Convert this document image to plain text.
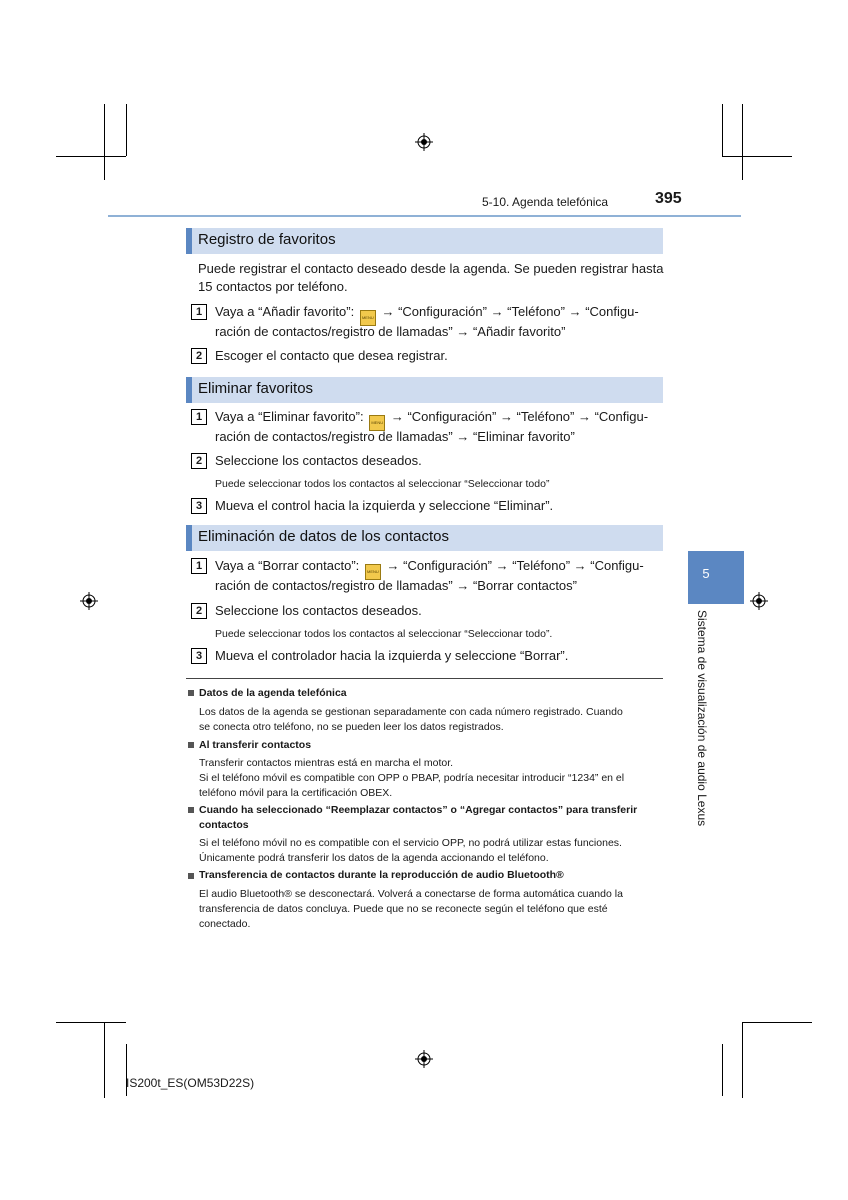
5-10. Agenda telefónica	395
Registro de favoritos
Puede registrar el contacto deseado desde la agenda. Se pueden registrar hasta
15 contactos por teléfono.
1 Vaya a “Añadir favorito”: MENU → “Configuración” → “Teléfono” → “Configu-
ración de contactos/registro de llamadas” → “Añadir favorito”
2 Escoger el contacto que desea registrar.
Eliminar favoritos
1 Vaya a “Eliminar favorito”: MENU → “Configuración” → “Teléfono” → “Configu-
ración de contactos/registro de llamadas” → “Eliminar favorito”
2 Seleccione los contactos deseados.
Puede seleccionar todos los contactos al seleccionar “Seleccionar todo”
3 Mueva el control hacia la izquierda y seleccione “Eliminar”.
Eliminación de datos de los contactos
1 Vaya a “Borrar contacto”: MENU → “Configuración” → “Teléfono” → “Configu-
ración de contactos/registro de llamadas” → “Borrar contactos”
2 Seleccione los contactos deseados.
Puede seleccionar todos los contactos al seleccionar “Seleccionar todo”.
3 Mueva el controlador hacia la izquierda y seleccione “Borrar”.
Datos de la agenda telefónica
Los datos de la agenda se gestionan separadamente con cada número registrado. Cuando
se conecta otro teléfono, no se pueden leer los datos registrados.
Al transferir contactos
Transferir contactos mientras está en marcha el motor.
Si el teléfono móvil es compatible con OPP o PBAP, podría necesitar introducir “1234” en el
teléfono móvil para la certificación OBEX.
Cuando ha seleccionado “Reemplazar contactos” o “Agregar contactos” para transferir
contactos
Si el teléfono móvil no es compatible con el servicio OPP, no podrá utilizar estas funciones.
Únicamente podrá transferir los datos de la agenda accionando el teléfono.
Transferencia de contactos durante la reproducción de audio Bluetooth®
El audio Bluetooth® se desconectará. Volverá a conectarse de forma automática cuando la
transferencia de datos concluya. Puede que no se reconecte según el teléfono que esté
conectado.
5
Sistema de visualización de audio Lexus
IS200t_ES(OM53D22S)
